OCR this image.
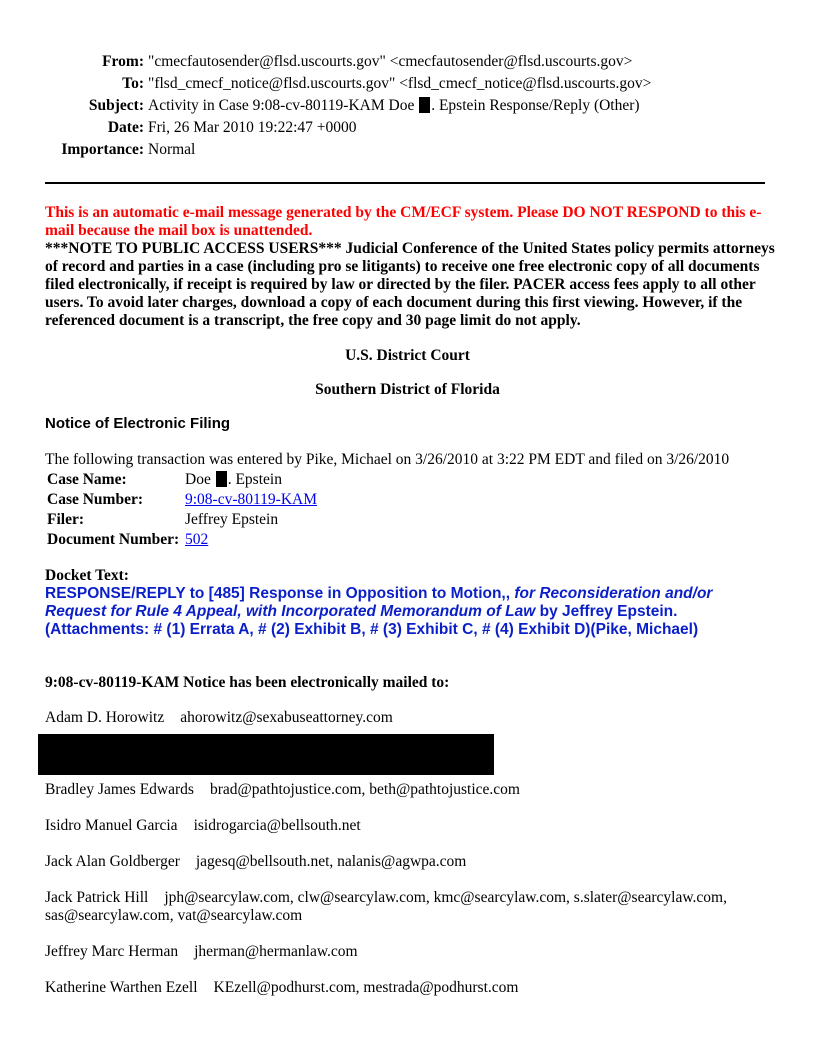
From: "cmecfautosender@flsd.uscourts.gov" <cmecfautosender@flsd.uscourts.gov>
To: "flsd_cmecf_notice@flsd.uscourts.gov" <flsd_cmecf_notice@flsd.uscourts.gov>
Subject: Activity in Case 9:08-cv-80119-KAM Doe . Epstein Response/Reply (Other)
Date: Fri, 26 Mar 2010 19:22:47 +0000
Importance: Normal
This is an automatic e-mail message generated by the CM/ECF system. Please DO NOT RESPOND to this e-mail because the mail box is unattended.
***NOTE TO PUBLIC ACCESS USERS*** Judicial Conference of the United States policy permits attorneys of record and parties in a case (including pro se litigants) to receive one free electronic copy of all documents filed electronically, if receipt is required by law or directed by the filer. PACER access fees apply to all other users. To avoid later charges, download a copy of each document during this first viewing. However, if the referenced document is a transcript, the free copy and 30 page limit do not apply.
U.S. District Court
Southern District of Florida
Notice of Electronic Filing
The following transaction was entered by Pike, Michael on 3/26/2010 at 3:22 PM EDT and filed on 3/26/2010
Case Name:	Doe . Epstein
Case Number:	9:08-cv-80119-KAM
Filer:	Jeffrey Epstein
Document Number:	502
Docket Text:
RESPONSE/REPLY to [485] Response in Opposition to Motion,, for Reconsideration and/or Request for Rule 4 Appeal, with Incorporated Memorandum of Law by Jeffrey Epstein. (Attachments: # (1) Errata A, # (2) Exhibit B, # (3) Exhibit C, # (4) Exhibit D)(Pike, Michael)
9:08-cv-80119-KAM Notice has been electronically mailed to:
Adam D. Horowitz ahorowitz@sexabuseattorney.com
Bradley James Edwards brad@pathtojustice.com, beth@pathtojustice.com
Isidro Manuel Garcia isidrogarcia@bellsouth.net
Jack Alan Goldberger jagesq@bellsouth.net, nalanis@agwpa.com
Jack Patrick Hill jph@searcylaw.com, clw@searcylaw.com, kmc@searcylaw.com, s.slater@searcylaw.com,
sas@searcylaw.com, vat@searcylaw.com
Jeffrey Marc Herman jherman@hermanlaw.com
Katherine Warthen Ezell KEzell@podhurst.com, mestrada@podhurst.com
